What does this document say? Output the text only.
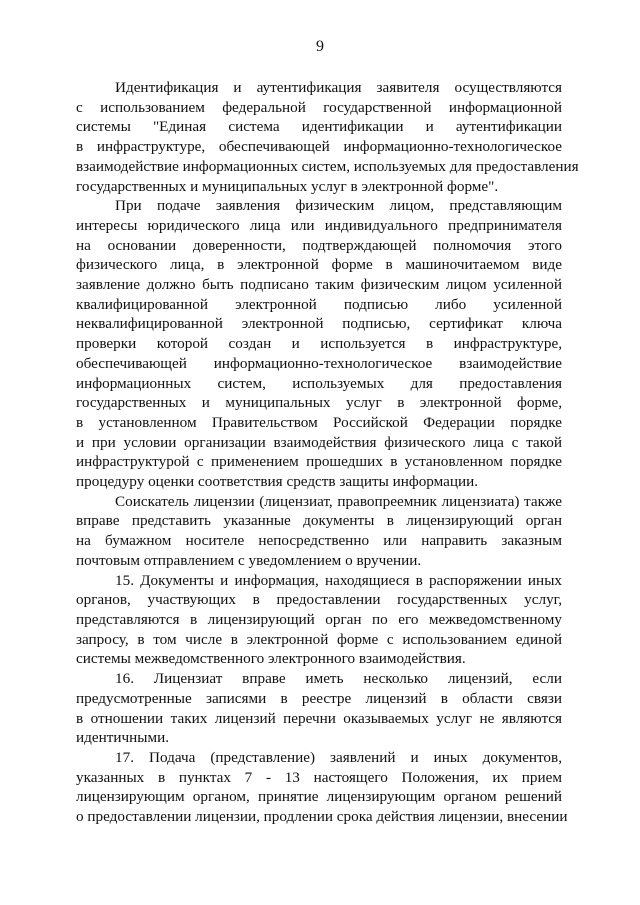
9

Идентификация и аутентификация заявителя осуществляются
с использованием федеральной государственной информационной
системы "Единая система идентификации и аутентификации
в инфраструктуре, обеспечивающей информационно-технологическое
взаимодействие информационных систем, используемых для предоставления
государственных и муниципальных услуг в электронной форме".

При подаче заявления физическим лицом, представляющим
интересы юридического лица или индивидуального предпринимателя
на основании доверенности, подтверждающей полномочия этого
физического лица, в электронной форме в машиночитаемом виде
заявление должно быть подписано таким физическим лицом усиленной
квалифицированной электронной подписью либо усиленной
неквалифицированной электронной подписью, сертификат ключа
проверки которой создан и используется в инфраструктуре,
обеспечивающей информационно-технологическое взаимодействие
информационных систем, используемых для предоставления
государственных и муниципальных услуг в электронной форме,
в установленном Правительством Российской Федерации порядке
и при условии организации взаимодействия физического лица с такой
инфраструктурой с применением прошедших в установленном порядке
процедуру оценки соответствия средств защиты информации.

Соискатель лицензии (лицензиат, правопреемник лицензиата) также
вправе представить указанные документы в лицензирующий орган
на бумажном носителе непосредственно или направить заказным
почтовым отправлением с уведомлением о вручении.

15. Документы и информация, находящиеся в распоряжении иных
органов, участвующих в предоставлении государственных услуг,
представляются в лицензирующий орган по его межведомственному
запросу, в том числе в электронной форме с использованием единой
системы межведомственного электронного взаимодействия.

16. Лицензиат вправе иметь несколько лицензий, если
предусмотренные записями в реестре лицензий в области связи
в отношении таких лицензий перечни оказываемых услуг не являются
идентичными.

17. Подача (представление) заявлений и иных документов,
указанных в пунктах 7 - 13 настоящего Положения, их прием
лицензирующим органом, принятие лицензирующим органом решений
о предоставлении лицензии, продлении срока действия лицензии, внесении
